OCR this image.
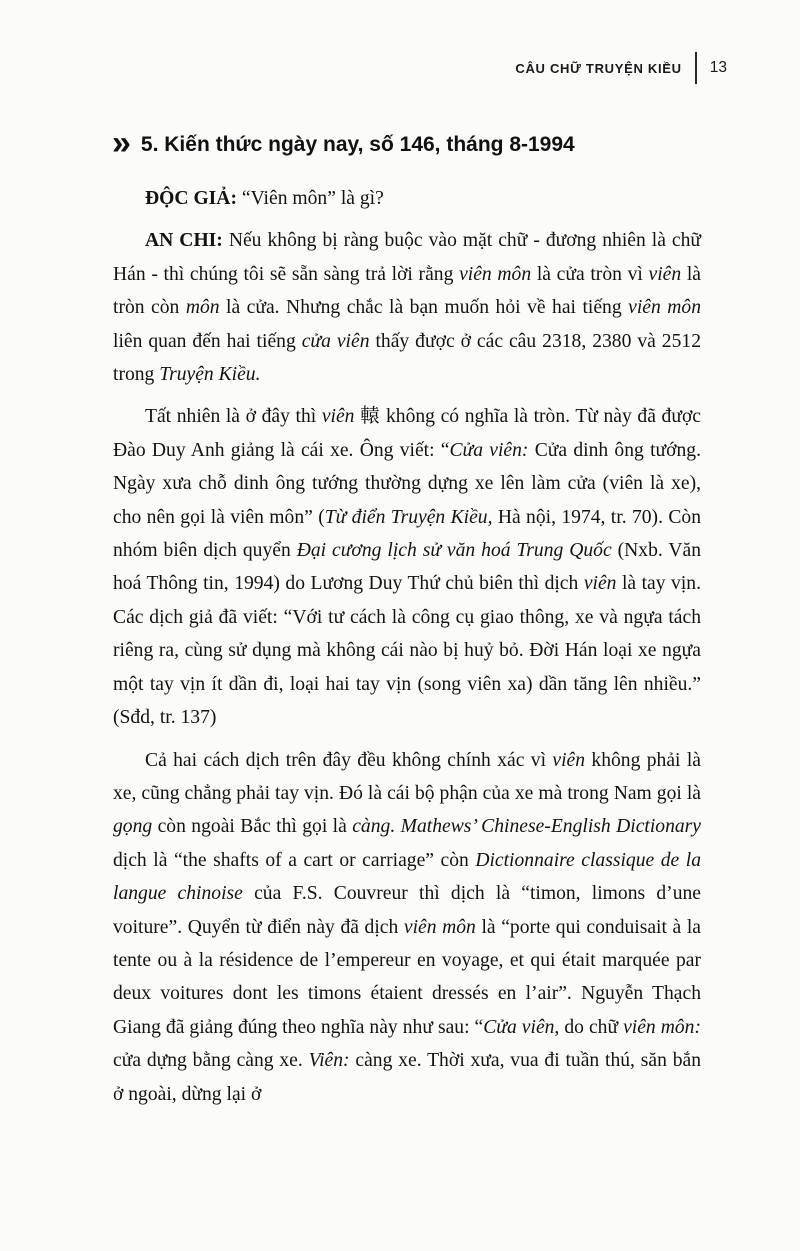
CÂU CHỮ TRUYỆN KIỀU 13
» 5. Kiến thức ngày nay, số 146, tháng 8-1994

ĐỘC GIẢ: “Viên môn” là gì?

AN CHI: Nếu không bị ràng buộc vào mặt chữ - đương nhiên là chữ Hán - thì chúng tôi sẽ sẵn sàng trả lời rằng viên môn là cửa tròn vì viên là tròn còn môn là cửa. Nhưng chắc là bạn muốn hỏi về hai tiếng viên môn liên quan đến hai tiếng cửa viên thấy được ở các câu 2318, 2380 và 2512 trong Truyện Kiều.

Tất nhiên là ở đây thì viên 轅 không có nghĩa là tròn. Từ này đã được Đào Duy Anh giảng là cái xe. Ông viết: “Cửa viên: Cửa dinh ông tướng. Ngày xưa chỗ dinh ông tướng thường dựng xe lên làm cửa (viên là xe), cho nên gọi là viên môn” (Từ điển Truyện Kiều, Hà nội, 1974, tr. 70). Còn nhóm biên dịch quyển Đại cương lịch sử văn hoá Trung Quốc (Nxb. Văn hoá Thông tin, 1994) do Lương Duy Thứ chủ biên thì dịch viên là tay vịn. Các dịch giả đã viết: “Với tư cách là công cụ giao thông, xe và ngựa tách riêng ra, cùng sử dụng mà không cái nào bị huỷ bỏ. Đời Hán loại xe ngựa một tay vịn ít dần đi, loại hai tay vịn (song viên xa) dần tăng lên nhiều.” (Sđd, tr. 137)

Cả hai cách dịch trên đây đều không chính xác vì viên không phải là xe, cũng chẳng phải tay vịn. Đó là cái bộ phận của xe mà trong Nam gọi là gọng còn ngoài Bắc thì gọi là càng. Mathews’ Chinese-English Dictionary dịch là “the shafts of a cart or carriage” còn Dictionnaire classique de la langue chinoise của F.S. Couvreur thì dịch là “timon, limons d’une voiture”. Quyển từ điển này đã dịch viên môn là “porte qui conduisait à la tente ou à la résidence de l’empereur en voyage, et qui était marquée par deux voitures dont les timons étaient dressés en l’air”. Nguyễn Thạch Giang đã giảng đúng theo nghĩa này như sau: “Cửa viên, do chữ viên môn: cửa dựng bằng càng xe. Viên: càng xe. Thời xưa, vua đi tuần thú, săn bắn ở ngoài, dừng lại ở
